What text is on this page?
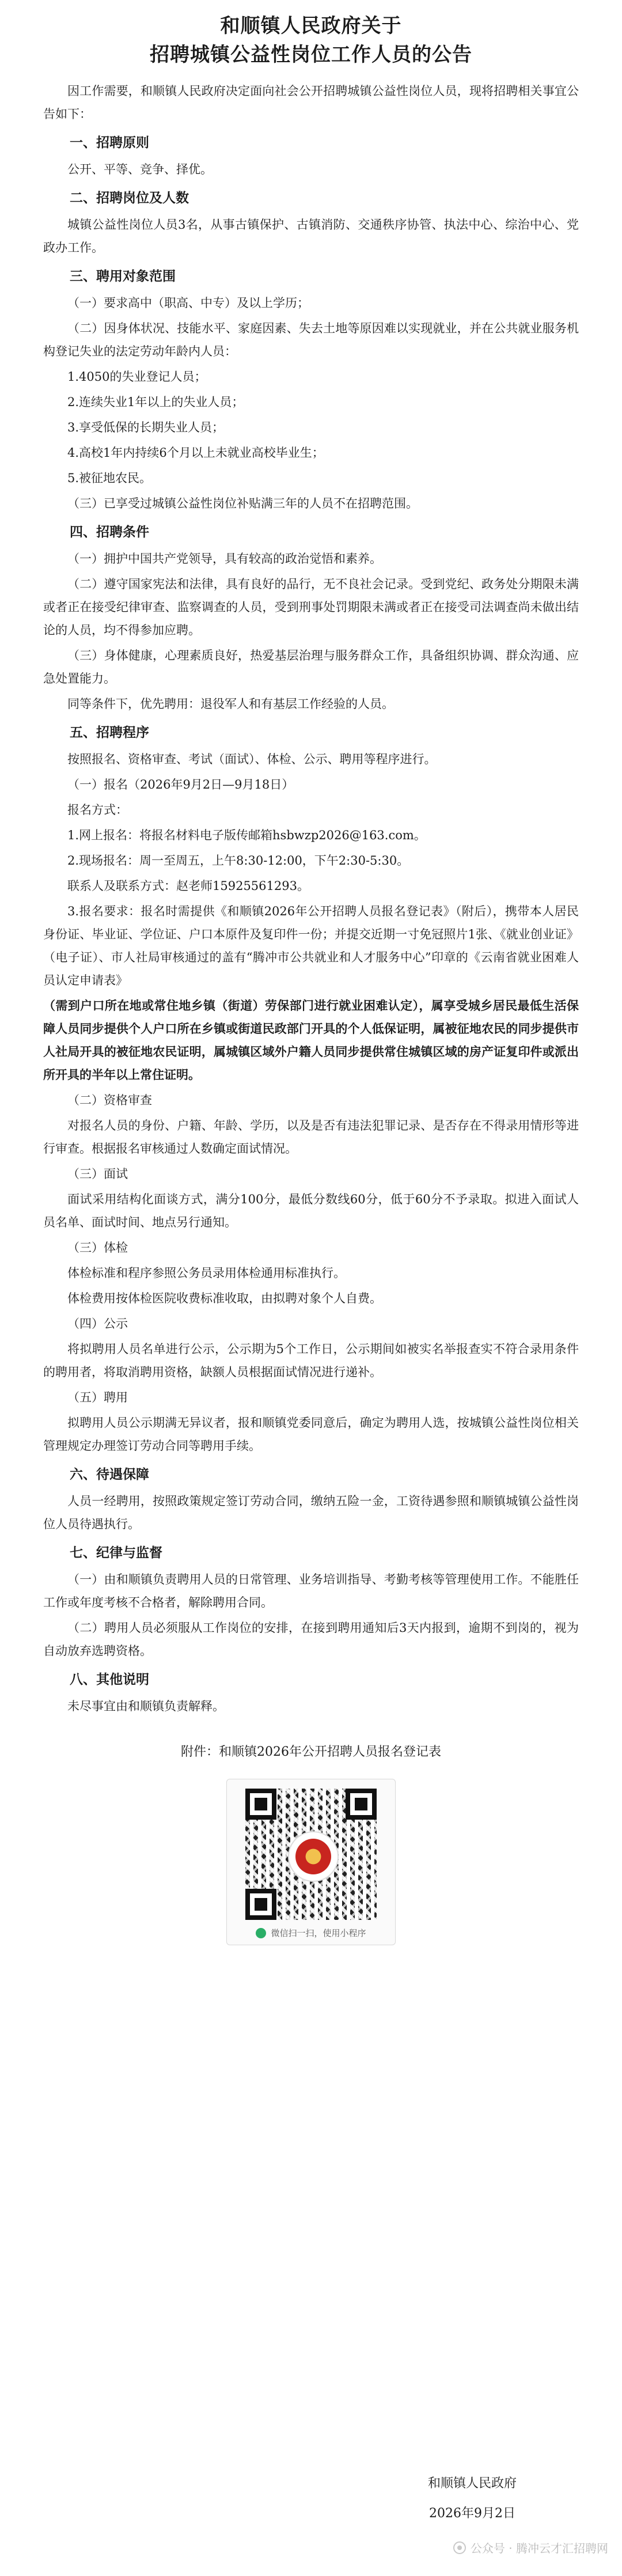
和顺镇人民政府关于

招聘城镇公益性岗位工作人员的公告

因工作需要，和顺镇人民政府决定面向社会公开招聘城镇公益性岗位人员，现将招聘相关事宜公告如下：

一、招聘原则

公开、平等、竞争、择优。

二、招聘岗位及人数

城镇公益性岗位人员3名，从事古镇保护、古镇消防、交通秩序协管、执法中心、综治中心、党政办工作。

三、聘用对象范围

（一）要求高中（职高、中专）及以上学历；

（二）因身体状况、技能水平、家庭因素、失去土地等原因难以实现就业，并在公共就业服务机构登记失业的法定劳动年龄内人员：

1.4050的失业登记人员；

2.连续失业1年以上的失业人员；

3.享受低保的长期失业人员；

4.高校1年内持续6个月以上未就业高校毕业生；

5.被征地农民。

（三）已享受过城镇公益性岗位补贴满三年的人员不在招聘范围。

四、招聘条件

（一）拥护中国共产党领导，具有较高的政治觉悟和素养。

（二）遵守国家宪法和法律，具有良好的品行，无不良社会记录。受到党纪、政务处分期限未满或者正在接受纪律审查、监察调查的人员，受到刑事处罚期限未满或者正在接受司法调查尚未做出结论的人员，均不得参加应聘。

（三）身体健康，心理素质良好，热爱基层治理与服务群众工作，具备组织协调、群众沟通、应急处置能力。

同等条件下，优先聘用：退役军人和有基层工作经验的人员。

五、招聘程序

按照报名、资格审查、考试（面试）、体检、公示、聘用等程序进行。

（一）报名（2026年9月2日—9月18日）

报名方式：

1.网上报名：将报名材料电子版传邮箱hsbwzp2026@163.com。

2.现场报名：周一至周五，上午8:30-12:00，下午2:30-5:30。

联系人及联系方式：赵老师15925561293。

3.报名要求：报名时需提供《和顺镇2026年公开招聘人员报名登记表》（附后），携带本人居民身份证、毕业证、学位证、户口本原件及复印件一份；并提交近期一寸免冠照片1张、《就业创业证》（电子证）、市人社局审核通过的盖有“腾冲市公共就业和人才服务中心”印章的《云南省就业困难人员认定申请表》

（需到户口所在地或常住地乡镇（街道）劳保部门进行就业困难认定），属享受城乡居民最低生活保障人员同步提供个人户口所在乡镇或街道民政部门开具的个人低保证明，属被征地农民的同步提供市人社局开具的被征地农民证明，属城镇区域外户籍人员同步提供常住城镇区域的房产证复印件或派出所开具的半年以上常住证明。

（二）资格审查

对报名人员的身份、户籍、年龄、学历，以及是否有违法犯罪记录、是否存在不得录用情形等进行审查。根据报名审核通过人数确定面试情况。

（三）面试

面试采用结构化面谈方式，满分100分，最低分数线60分，低于60分不予录取。拟进入面试人员名单、面试时间、地点另行通知。

（三）体检

体检标准和程序参照公务员录用体检通用标准执行。

体检费用按体检医院收费标准收取，由拟聘对象个人自费。

（四）公示

将拟聘用人员名单进行公示，公示期为5个工作日，公示期间如被实名举报查实不符合录用条件的聘用者，将取消聘用资格，缺额人员根据面试情况进行递补。

（五）聘用

拟聘用人员公示期满无异议者，报和顺镇党委同意后，确定为聘用人选，按城镇公益性岗位相关管理规定办理签订劳动合同等聘用手续。

六、待遇保障

人员一经聘用，按照政策规定签订劳动合同，缴纳五险一金，工资待遇参照和顺镇城镇公益性岗位人员待遇执行。

七、纪律与监督

（一）由和顺镇负责聘用人员的日常管理、业务培训指导、考勤考核等管理使用工作。不能胜任工作或年度考核不合格者，解除聘用合同。

（二）聘用人员必须服从工作岗位的安排，在接到聘用通知后3天内报到，逾期不到岗的，视为自动放弃选聘资格。

八、其他说明

未尽事宜由和顺镇负责解释。

附件：和顺镇2026年公开招聘人员报名登记表

微信扫一扫，使用小程序
和顺镇人民政府
2026年9月2日
公众号 · 腾冲云才汇招聘网
